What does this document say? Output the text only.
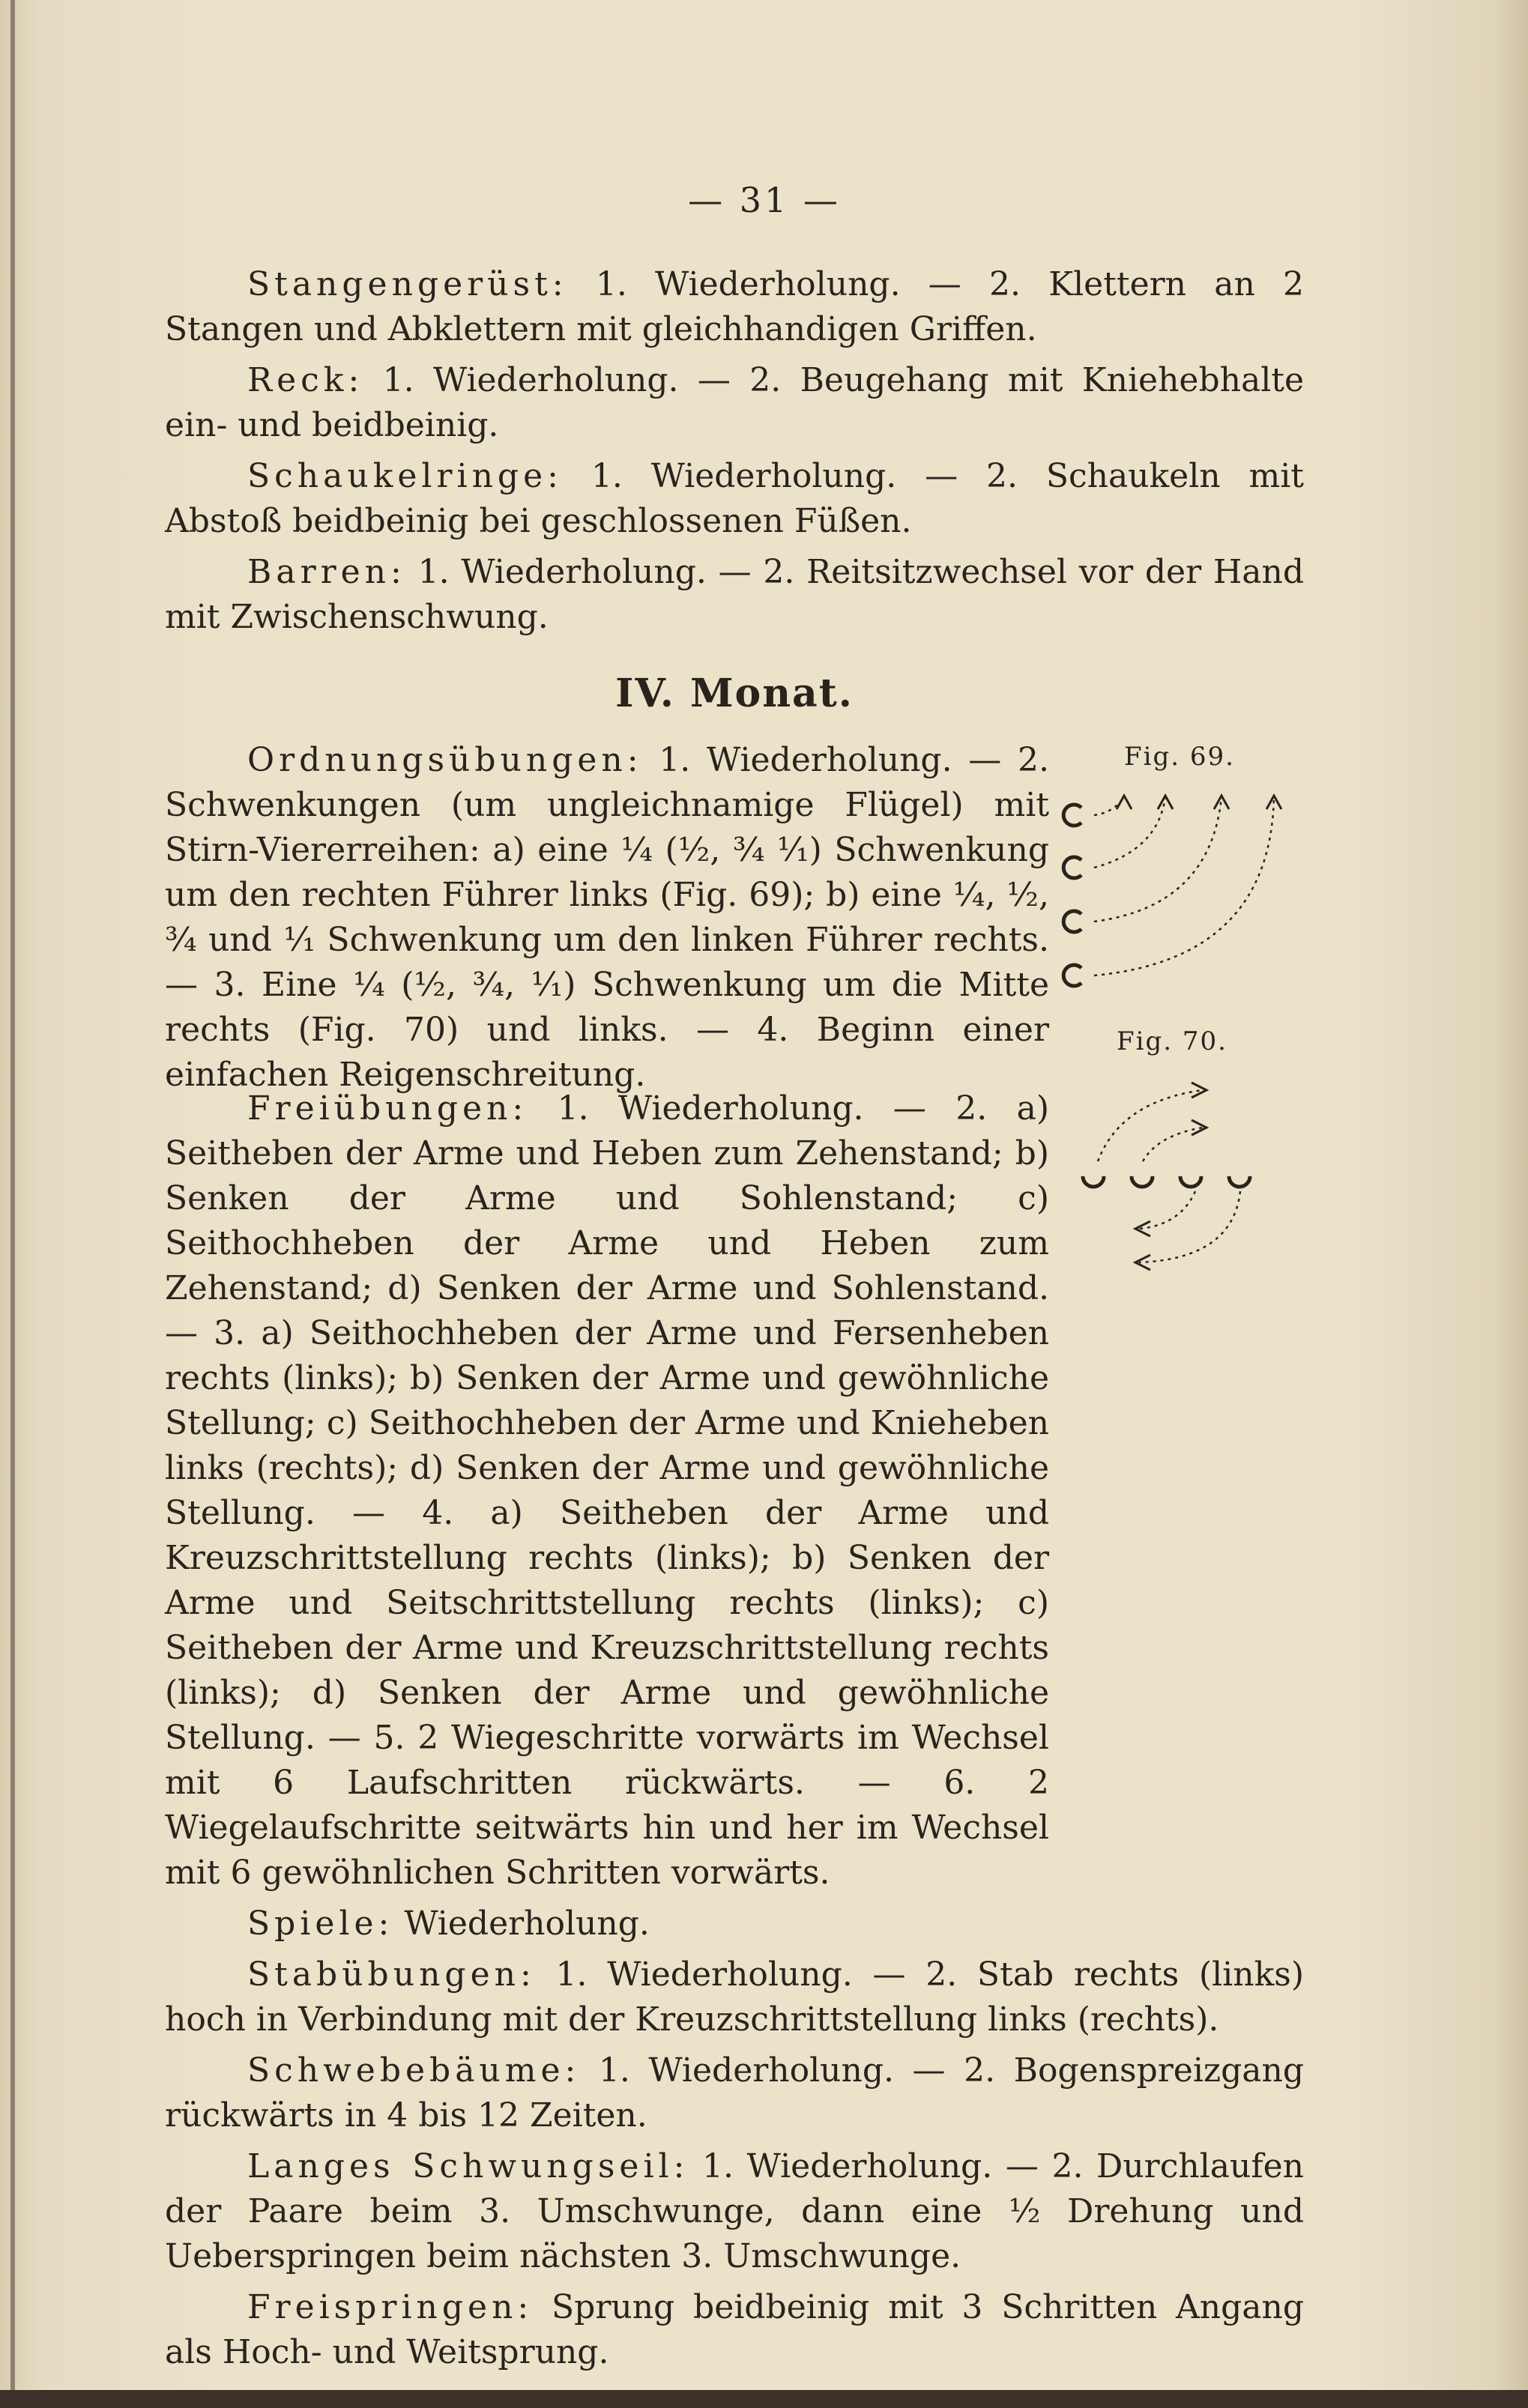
— 31 —

Stangengerüst: 1. Wiederholung. — 2. Klettern an 2 Stangen und Abklettern mit gleichhandigen Griffen.

Reck: 1. Wiederholung. — 2. Beugehang mit Kniehebhalte ein- und beidbeinig.

Schaukelringe: 1. Wiederholung. — 2. Schaukeln mit Abstoß beidbeinig bei geschlossenen Füßen.

Barren: 1. Wiederholung. — 2. Reitsitzwechsel vor der Hand mit Zwischenschwung.

IV. Monat.

Ordnungsübungen: 1. Wiederholung. — 2. Schwenkungen (um ungleichnamige Flügel) mit Stirn-Viererreihen: a) eine ¼ (½, ¾ ¹⁄₁) Schwenkung um den rechten Führer links (Fig. 69); b) eine ¼, ½, ¾ und ¹⁄₁ Schwenkung um den linken Führer rechts. — 3. Eine ¼ (½, ¾, ¹⁄₁) Schwenkung um die Mitte rechts (Fig. 70) und links. — 4. Beginn einer einfachen Reigenschreitung.

Freiübungen: 1. Wiederholung. — 2. a) Seitheben der Arme und Heben zum Zehenstand; b) Senken der Arme und Sohlenstand; c) Seithochheben der Arme und Heben zum Zehenstand; d) Senken der Arme und Sohlenstand. — 3. a) Seithochheben der Arme und Fersenheben rechts (links); b) Senken der Arme und gewöhnliche Stellung; c) Seithochheben der Arme und Knieheben links (rechts); d) Senken der Arme und gewöhnliche Stellung. — 4. a) Seitheben der Arme und Kreuzschrittstellung rechts (links); b) Senken der Arme und Seitschrittstellung rechts (links); c) Seitheben der Arme und Kreuzschrittstellung rechts (links); d) Senken der Arme und gewöhnliche Stellung. — 5. 2 Wiegeschritte vorwärts im Wechsel mit 6 Laufschritten rückwärts. — 6. 2 Wiegelaufschritte seitwärts hin und her im Wechsel mit 6 gewöhnlichen Schritten vorwärts.

Spiele: Wiederholung.

Stabübungen: 1. Wiederholung. — 2. Stab rechts (links) hoch in Verbindung mit der Kreuzschrittstellung links (rechts).

Schwebebäume: 1. Wiederholung. — 2. Bogenspreizgang rückwärts in 4 bis 12 Zeiten.

Langes Schwungseil: 1. Wiederholung. — 2. Durchlaufen der Paare beim 3. Umschwunge, dann eine ½ Drehung und Ueberspringen beim nächsten 3. Umschwunge.

Freispringen: Sprung beidbeinig mit 3 Schritten Angang als Hoch- und Weitsprung.

Fig. 69.
Fig. 70.
